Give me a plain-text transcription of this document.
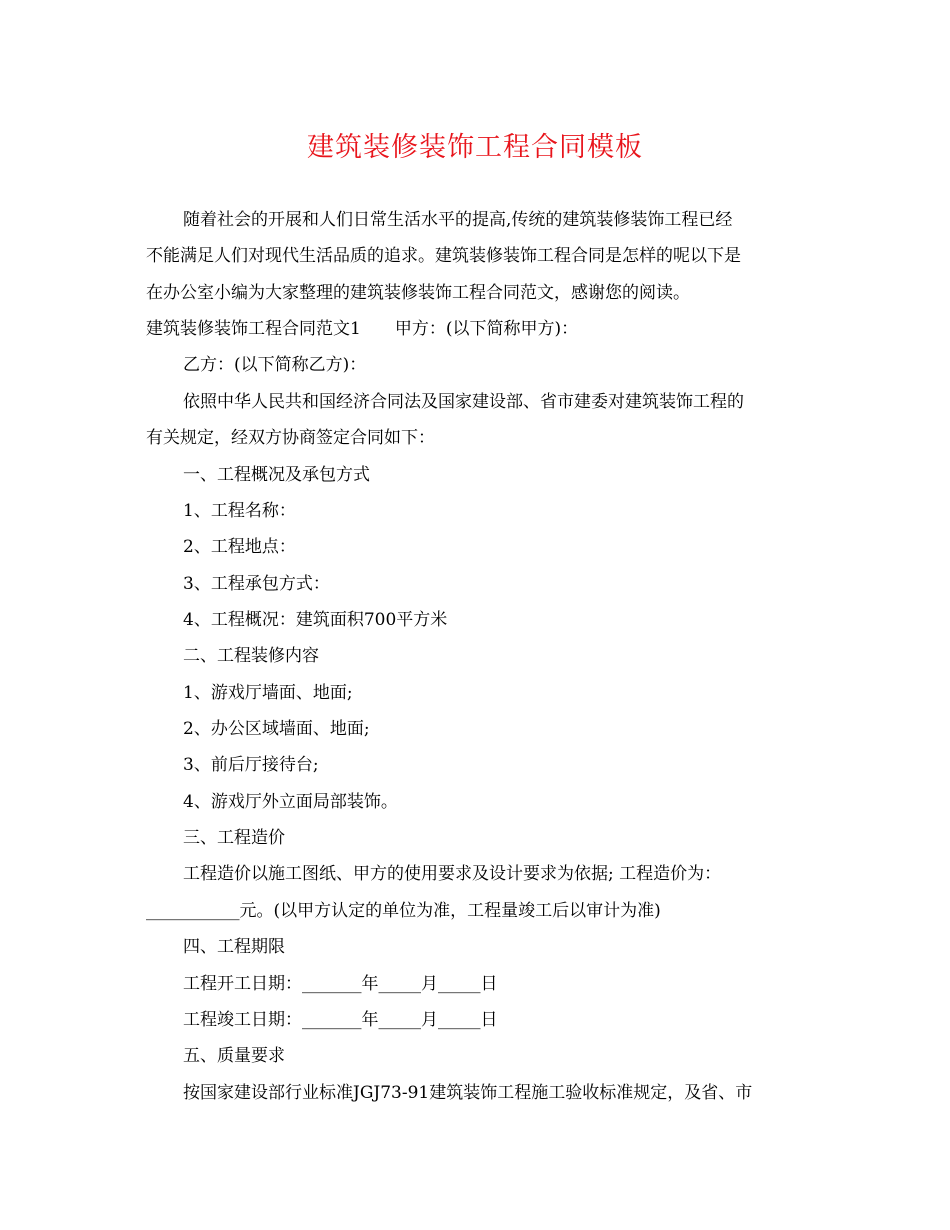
建筑装修装饰工程合同模板
随着社会的开展和人们日常生活水平的提高,传统的建筑装修装饰工程已经
不能满足人们对现代生活品质的追求。建筑装修装饰工程合同是怎样的呢以下是
在办公室小编为大家整理的建筑装修装饰工程合同范文，感谢您的阅读。
建筑装修装饰工程合同范文1　　甲方：(以下简称甲方)：
乙方：(以下简称乙方)：
依照中华人民共和国经济合同法及国家建设部、省市建委对建筑装饰工程的
有关规定，经双方协商签定合同如下：
一、工程概况及承包方式
1、工程名称：
2、工程地点：
3、工程承包方式：
4、工程概况：建筑面积700平方米
二、工程装修内容
1、游戏厅墙面、地面;
2、办公区域墙面、地面;
3、前后厅接待台;
4、游戏厅外立面局部装饰。
三、工程造价
工程造价以施工图纸、甲方的使用要求及设计要求为依据; 工程造价为：
___________元。(以甲方认定的单位为准，工程量竣工后以审计为准)
四、工程期限
工程开工日期：_______年_____月_____日
工程竣工日期：_______年_____月_____日
五、质量要求
按国家建设部行业标准JGJ73-91建筑装饰工程施工验收标准规定，及省、市
